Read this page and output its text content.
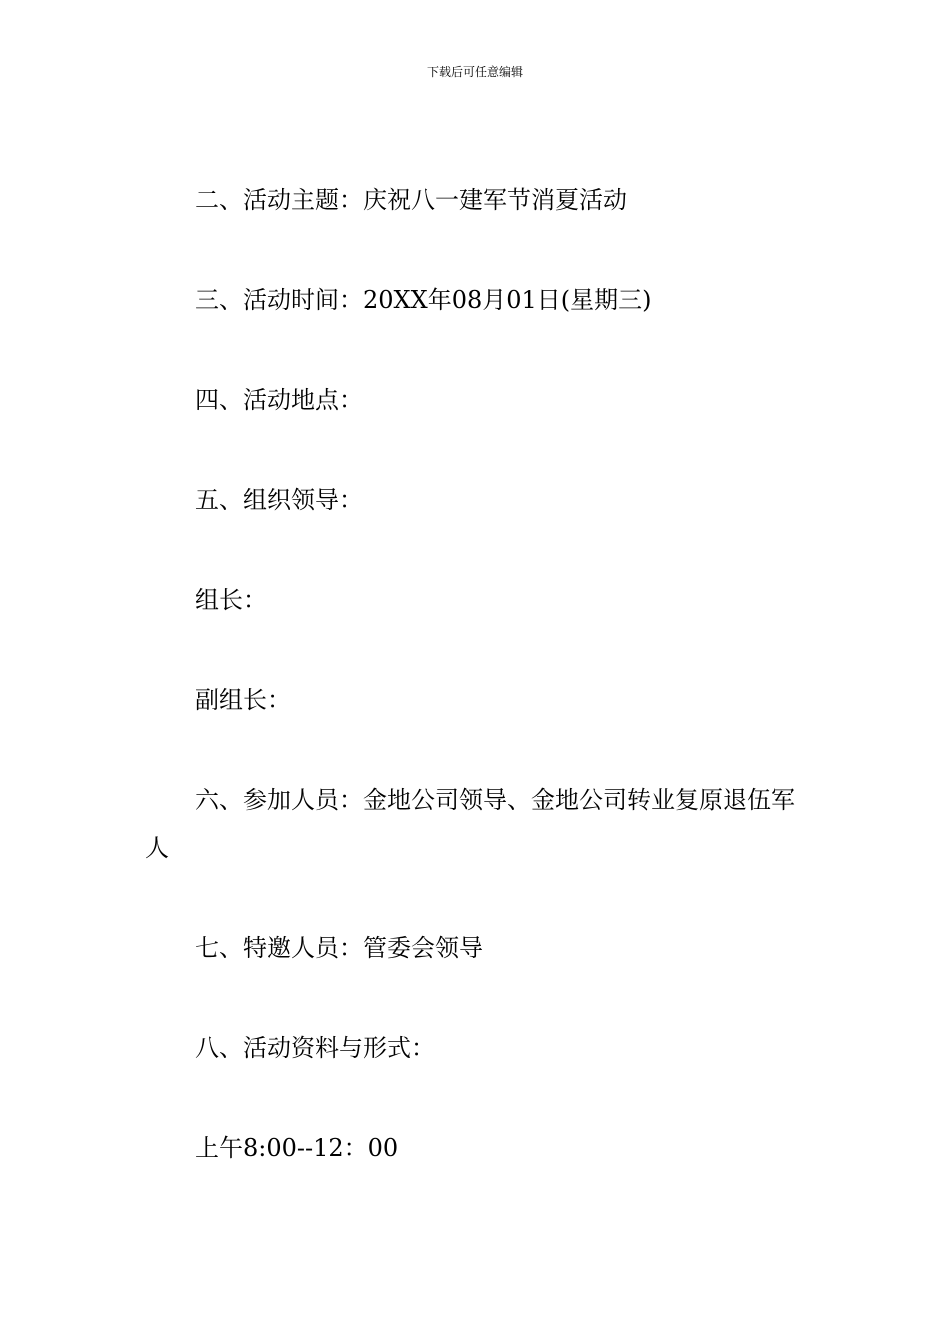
下载后可任意编辑

二、活动主题：庆祝八一建军节消夏活动

三、活动时间：20XX年08月01日(星期三)

四、活动地点：

五、组织领导：

组长：

副组长：

六、参加人员：金地公司领导、金地公司转业复原退伍军人

七、特邀人员：管委会领导

八、活动资料与形式：

上午8:00--12：00
